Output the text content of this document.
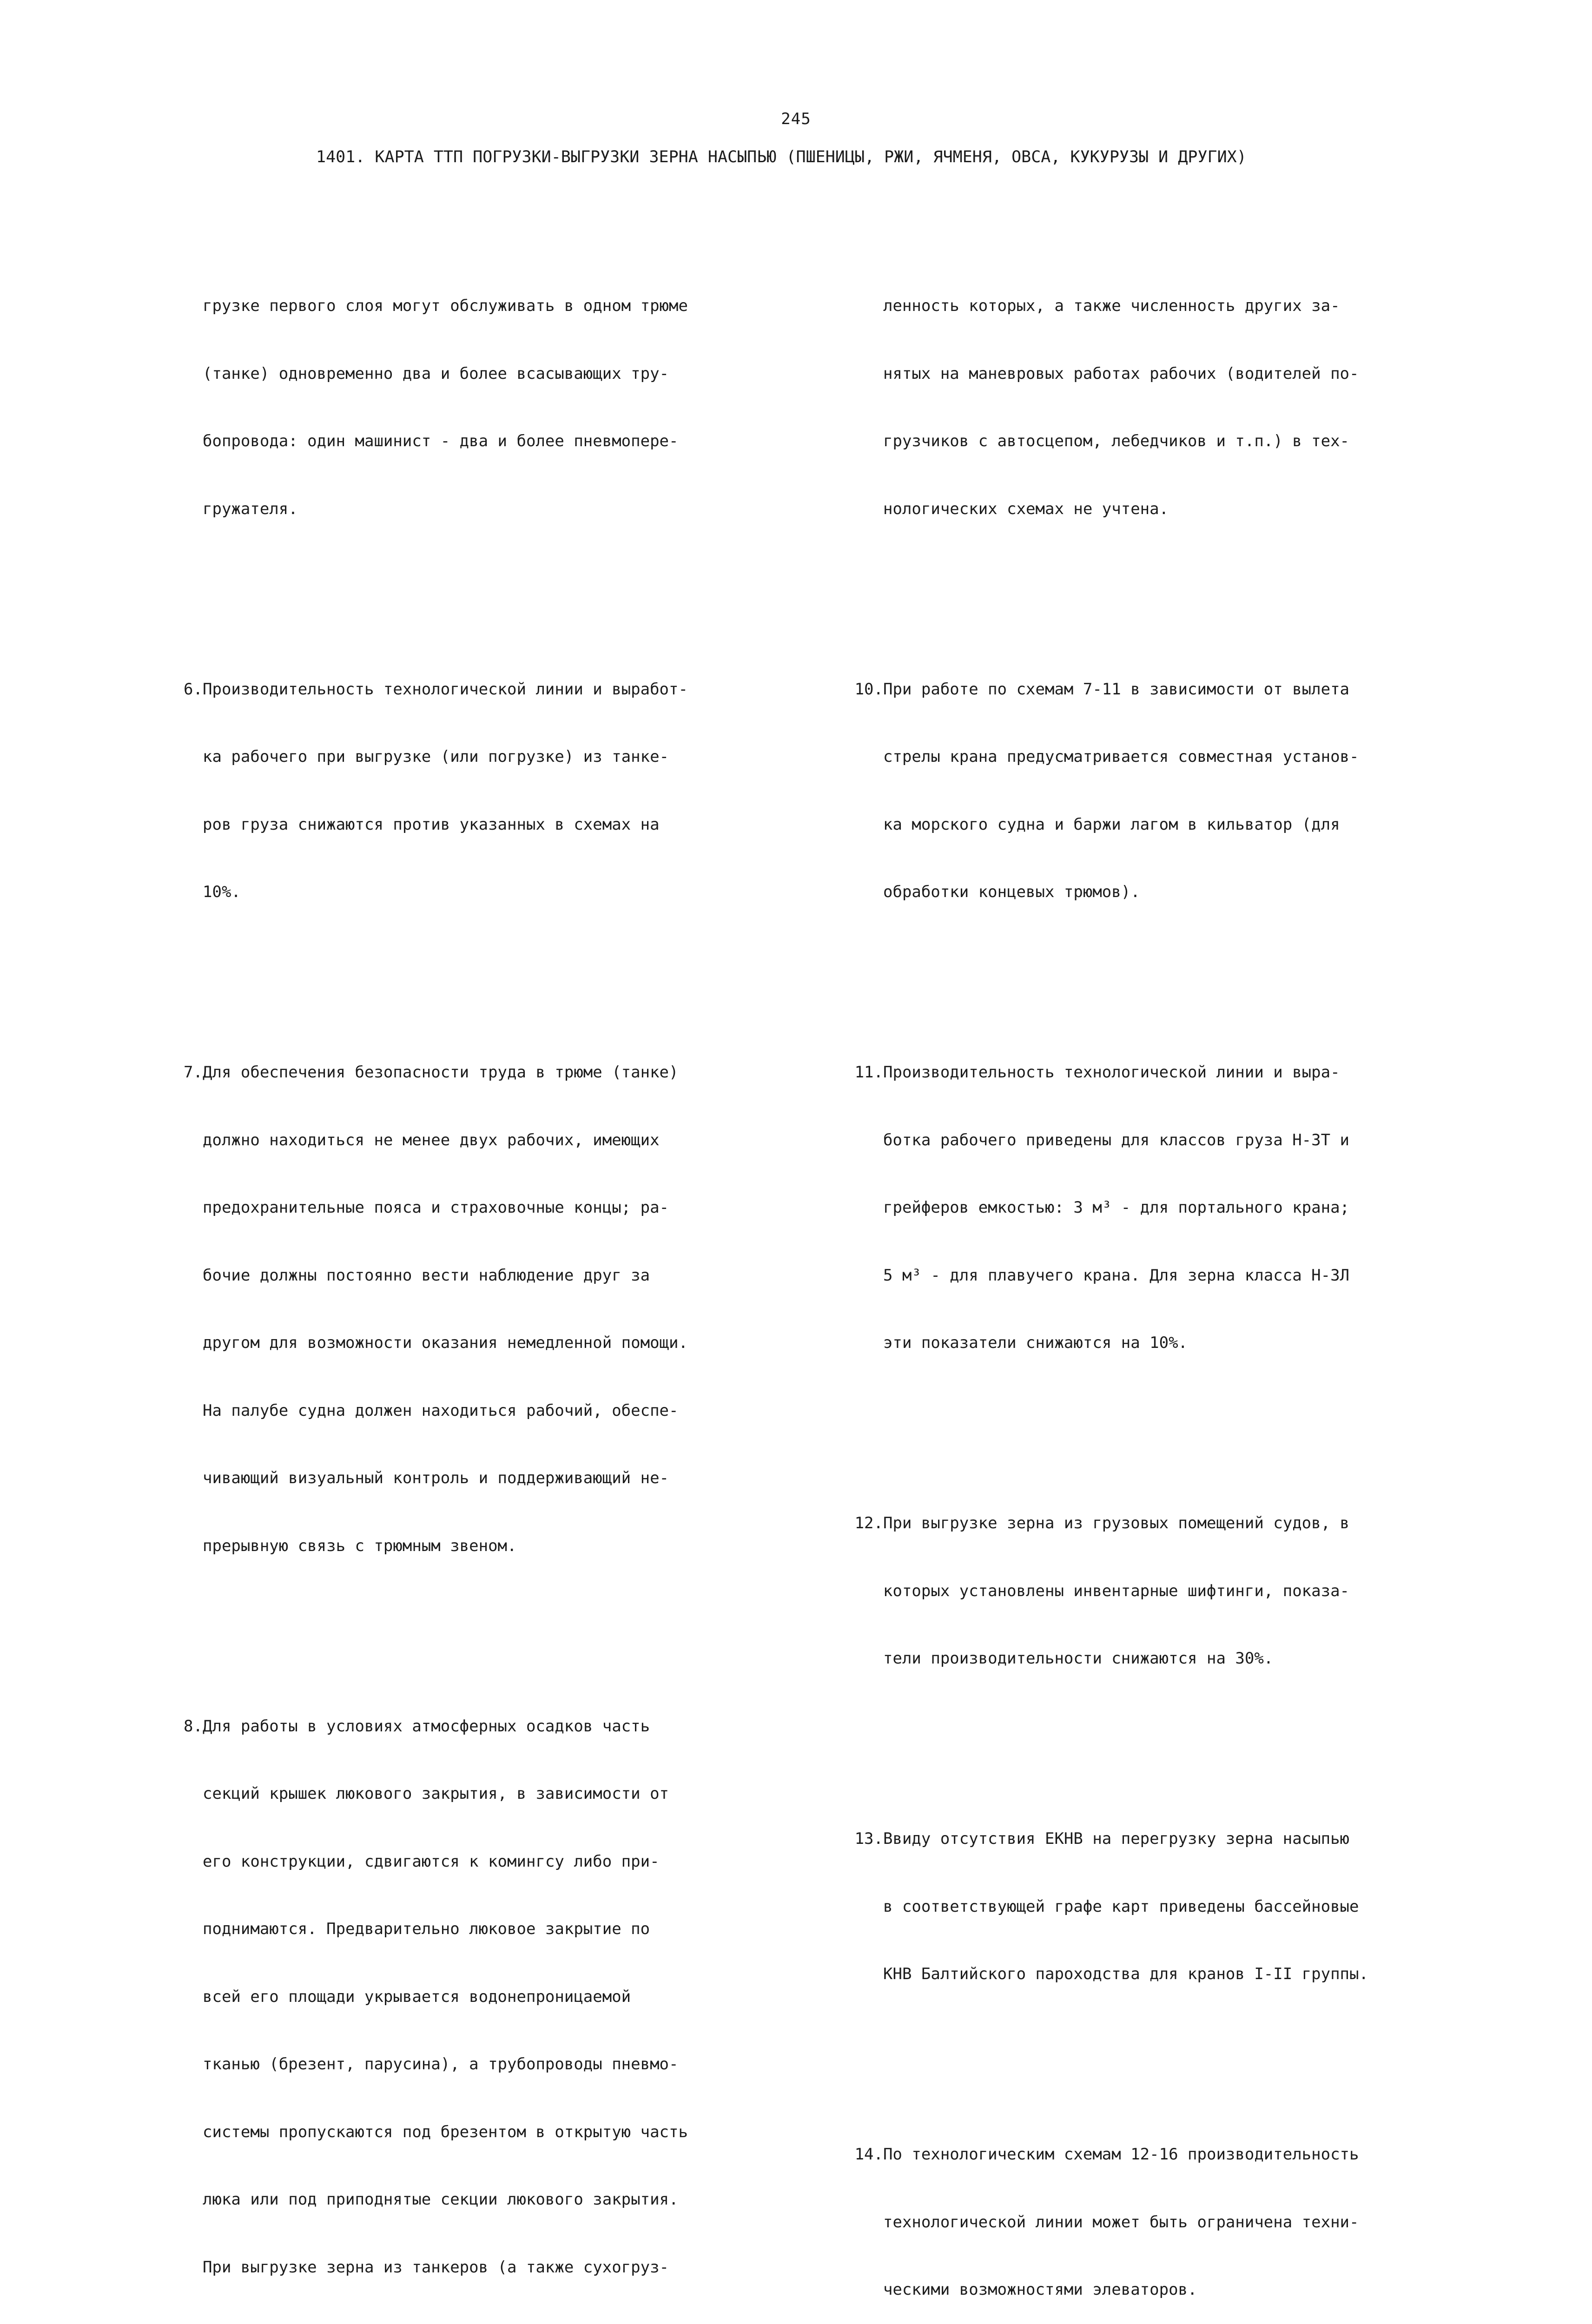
245
1401. КАРТА ТТП ПОГРУЗКИ-ВЫГРУЗКИ ЗЕРНА НАСЫПЬЮ (ПШЕНИЦЫ, РЖИ, ЯЧМЕНЯ, ОВСА, КУКУРУЗЫ И ДРУГИХ)

грузке первого слоя могут обслуживать в одном трюме

(танке) одновременно два и более всасывающих тру-

бопровода: один машинист - два и более пневмопере-

гружателя.

6.Производительность технологической линии и выработ-

ка рабочего при выгрузке (или погрузке) из танке-

ров груза снижаются против указанных в схемах на

10%.

7.Для обеспечения безопасности труда в трюме (танке)

должно находиться не менее двух рабочих, имеющих

предохранительные пояса и страховочные концы; ра-

бочие должны постоянно вести наблюдение друг за

другом для возможности оказания немедленной помощи.

На палубе судна должен находиться рабочий, обеспе-

чивающий визуальный контроль и поддерживающий не-

прерывную связь с трюмным звеном.

8.Для работы в условиях атмосферных осадков часть

секций крышек люкового закрытия, в зависимости от

его конструкции, сдвигаются к комингсу либо при-

поднимаются. Предварительно люковое закрытие по

всей его площади укрывается водонепроницаемой

тканью (брезент, парусина), а трубопроводы пневмо-

системы пропускаются под брезентом в открытую часть

люка или под приподнятые секции люкового закрытия.

При выгрузке зерна из танкеров (а также сухогруз-

ленность которых, а также численность других за-

нятых на маневровых работах рабочих (водителей по-

грузчиков с автосцепом, лебедчиков и т.п.) в тех-

нологических схемах не учтена.

10.При работе по схемам 7-11 в зависимости от вылета

стрелы крана предусматривается совместная установ-

ка морского судна и баржи лагом в кильватор (для

обработки концевых трюмов).

11.Производительность технологической линии и выра-

ботка рабочего приведены для классов груза Н-3Т и

грейферов емкостью: 3 м³ - для портального крана;

5 м³ - для плавучего крана. Для зерна класса Н-3Л

эти показатели снижаются на 10%.

12.При выгрузке зерна из грузовых помещений судов, в

которых установлены инвентарные шифтинги, показа-

тели производительности снижаются на 30%.

13.Ввиду отсутствия ЕКНВ на перегрузку зерна насыпью

в соответствующей графе карт приведены бассейновые

КНВ Балтийского пароходства для кранов I-II группы.

14.По технологическим схемам 12-16 производительность

технологической линии может быть ограничена техни-

ческими возможностями элеваторов.
